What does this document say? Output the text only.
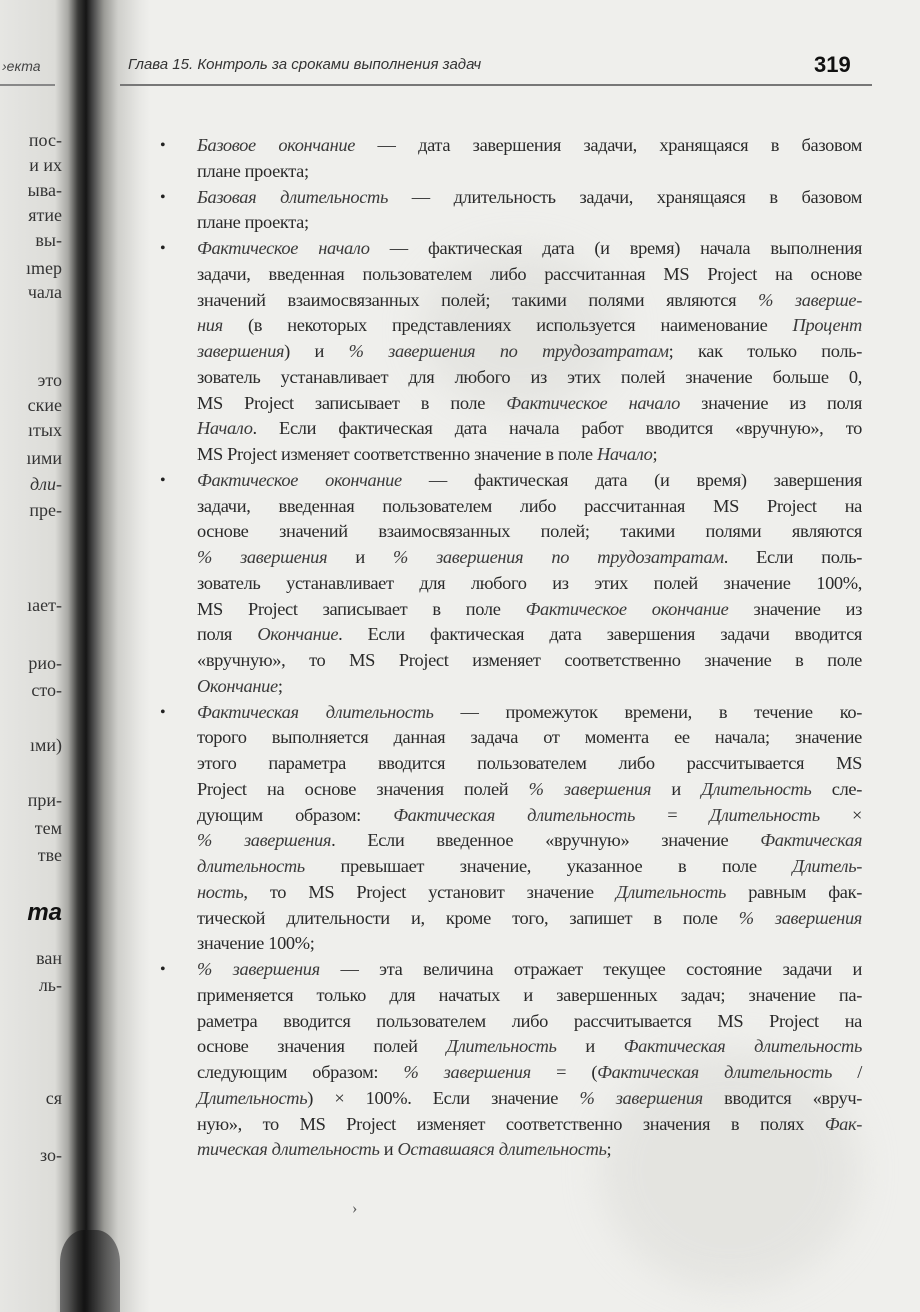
›екта
пос-
и их
ыва-
ятие
вы-
ımер
чала
это
ские
ıтых
ıими
дли-
пре-
ıает-
рио-
сто-
ıми)
при-
тем
тве
та
ван
ль-
ся
зо-
Глава 15. Контроль за сроками выполнения задач	319
• Базовое окончание — дата завершения задачи, хранящаяся в базовом
плане проекта;
• Базовая длительность — длительность задачи, хранящаяся в базовом
плане проекта;
• Фактическое начало — фактическая дата (и время) начала выполнения
задачи, введенная пользователем либо рассчитанная MS Project на основе
значений взаимосвязанных полей; такими полями являются % заверше-
ния (в некоторых представлениях используется наименование Процент
завершения) и % завершения по трудозатратам; как только поль-
зователь устанавливает для любого из этих полей значение больше 0,
MS Project записывает в поле Фактическое начало значение из поля
Начало. Если фактическая дата начала работ вводится «вручную», то
MS Project изменяет соответственно значение в поле Начало;
• Фактическое окончание — фактическая дата (и время) завершения
задачи, введенная пользователем либо рассчитанная MS Project на
основе значений взаимосвязанных полей; такими полями являются
% завершения и % завершения по трудозатратам. Если поль-
зователь устанавливает для любого из этих полей значение 100%,
MS Project записывает в поле Фактическое окончание значение из
поля Окончание. Если фактическая дата завершения задачи вводится
«вручную», то MS Project изменяет соответственно значение в поле
Окончание;
• Фактическая длительность — промежуток времени, в течение ко-
торого выполняется данная задача от момента ее начала; значение
этого параметра вводится пользователем либо рассчитывается MS
Project на основе значения полей % завершения и Длительность сле-
дующим образом: Фактическая длительность = Длительность ×
% завершения. Если введенное «вручную» значение Фактическая
длительность превышает значение, указанное в поле Длитель-
ность, то MS Project установит значение Длительность равным фак-
тической длительности и, кроме того, запишет в поле % завершения
значение 100%;
• % завершения — эта величина отражает текущее состояние задачи и
применяется только для начатых и завершенных задач; значение па-
раметра вводится пользователем либо рассчитывается MS Project на
основе значения полей Длительность и Фактическая длительность
следующим образом: % завершения = (Фактическая длительность /
Длительность) × 100%. Если значение % завершения вводится «вруч-
ную», то MS Project изменяет соответственно значения в полях Фак-
тическая длительность и Оставшаяся длительность;
›
